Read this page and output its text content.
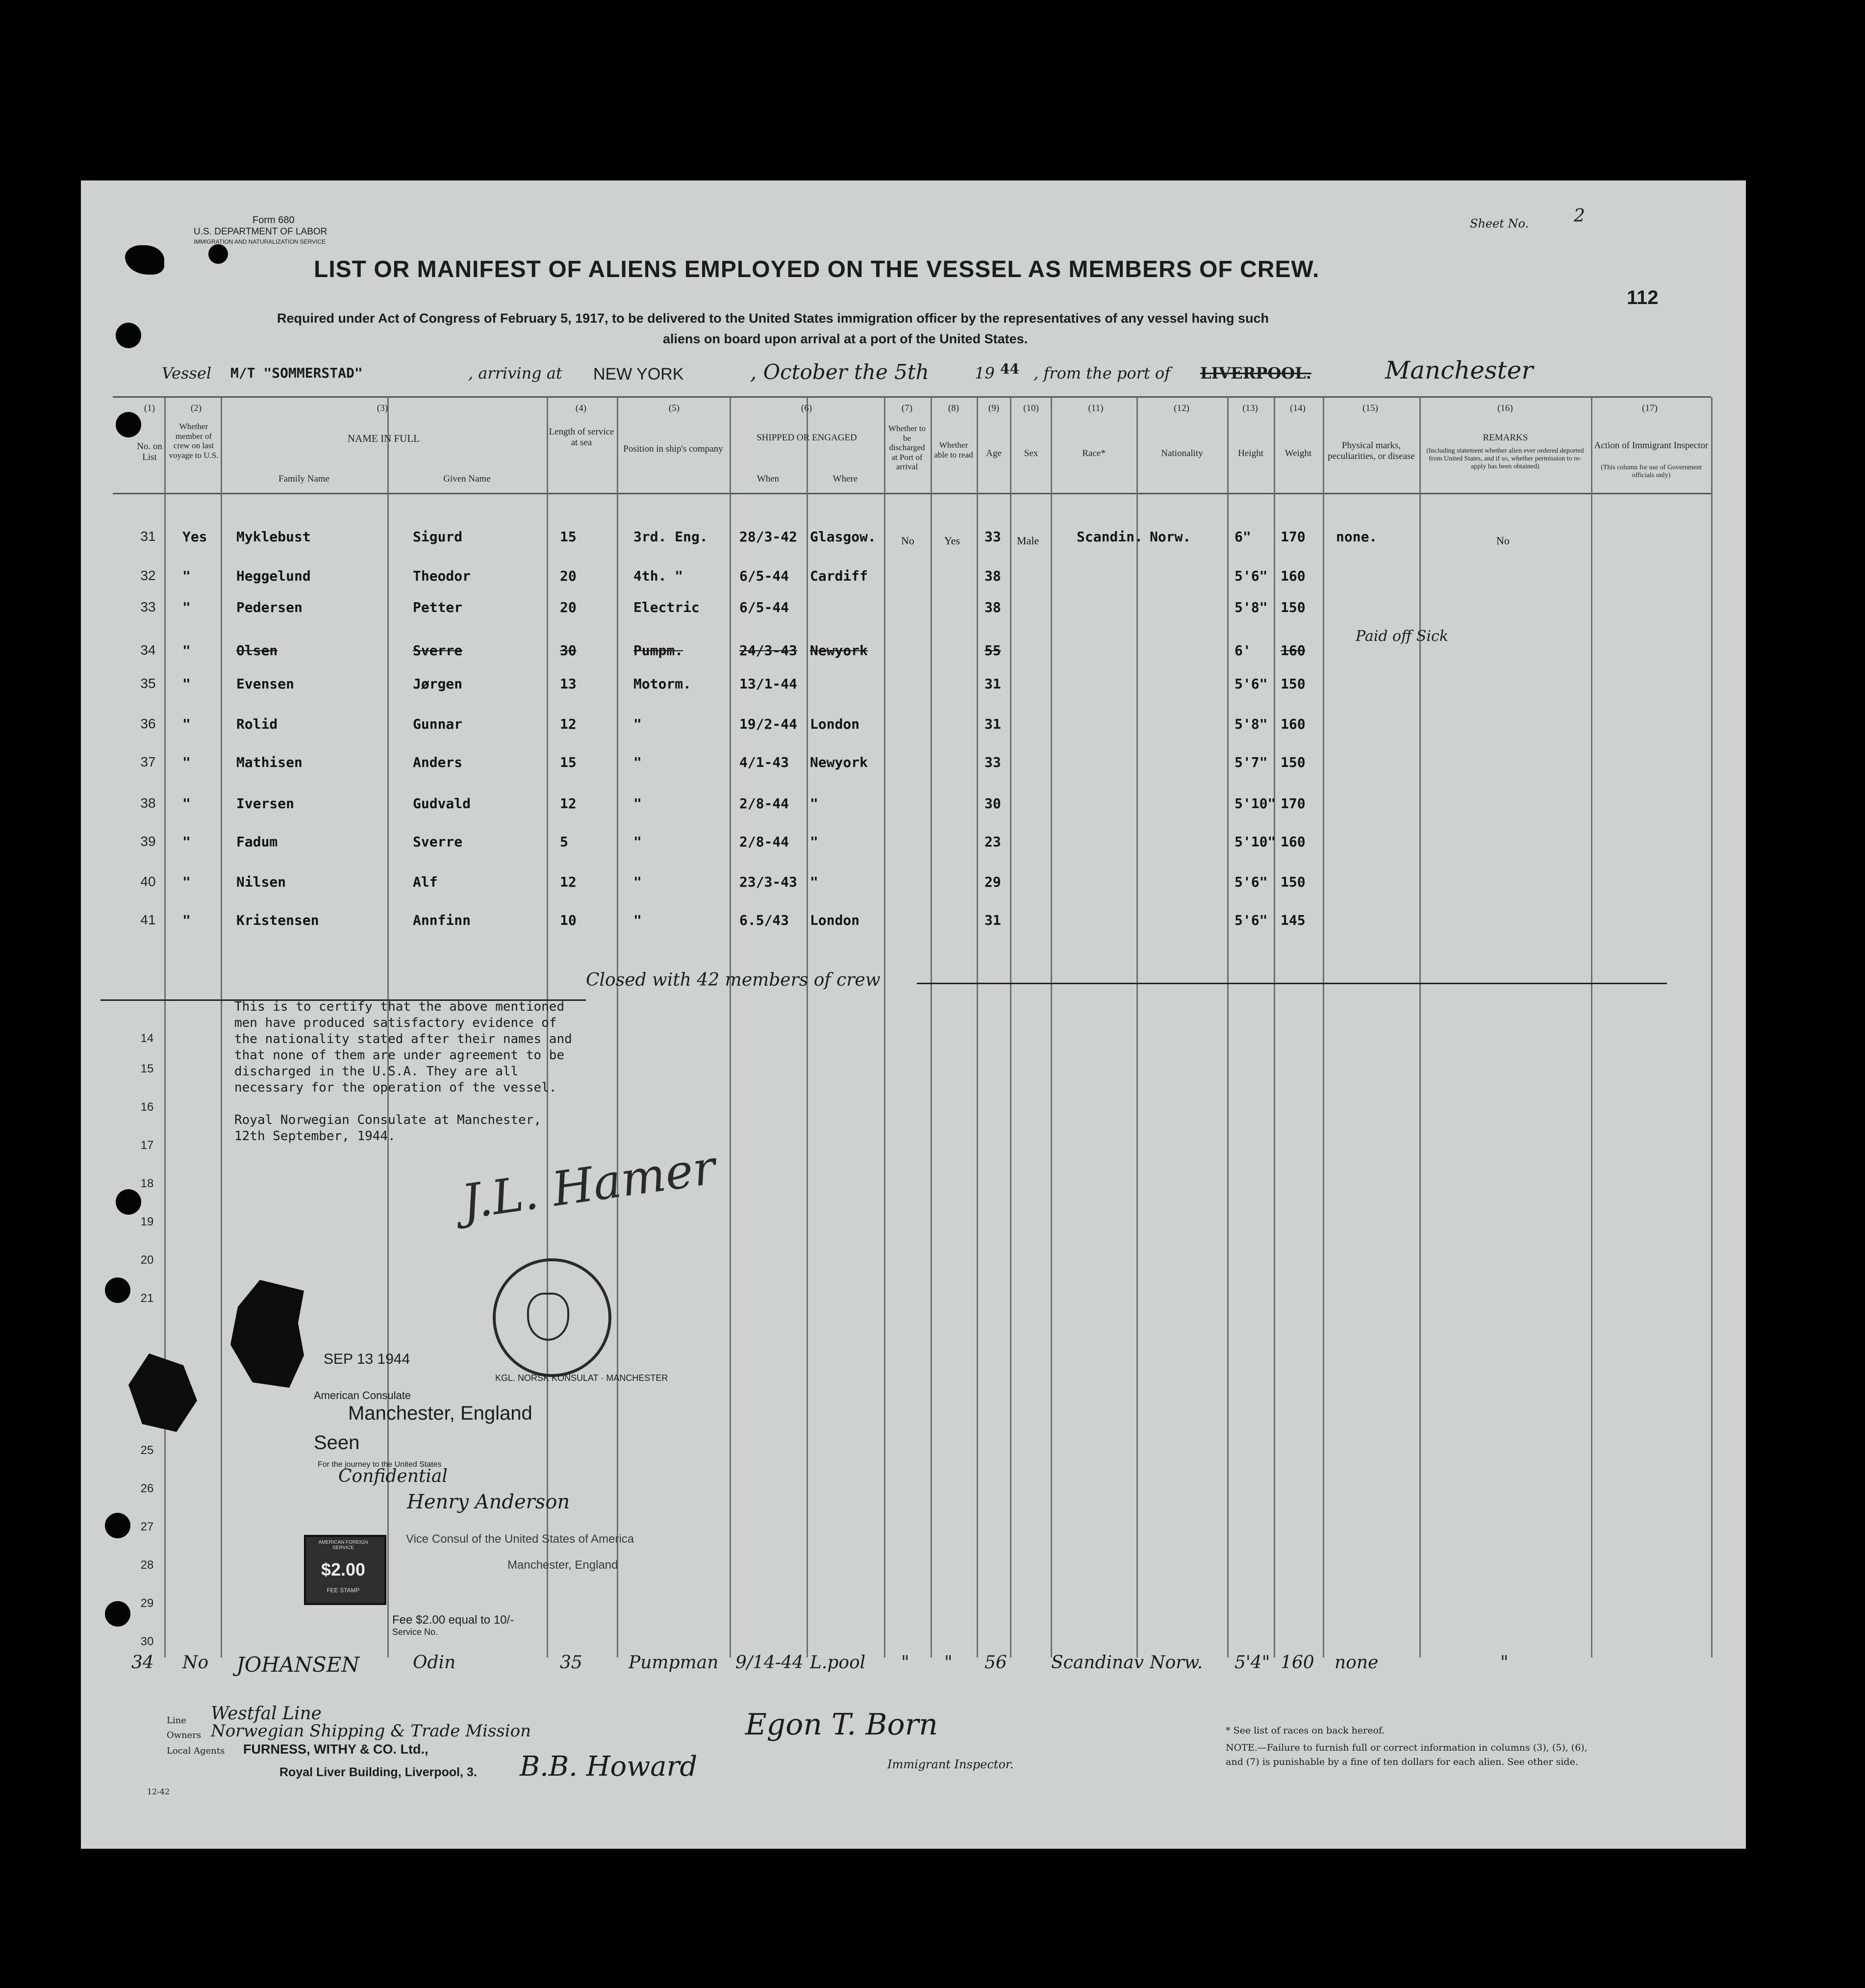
Form 680
U.S. DEPARTMENT OF LABOR
IMMIGRATION AND NATURALIZATION SERVICE
Sheet No.	2
112
LIST OR MANIFEST OF ALIENS EMPLOYED ON THE VESSEL AS MEMBERS OF CREW.
Required under Act of Congress of February 5, 1917, to be delivered to the United States immigration officer by the representatives of any vessel having such
aliens on board upon arrival at a port of the United States.
Vessel M/T "SOMMERSTAD"	, arriving at NEW YORK	, October the 5th	19 44 , from the port of LIVERPOOL.	Manchester
(1)
No. on List
(2)
Whether member of crew on last voyage to U.S.
(3)
NAME IN FULL
Family Name	Given Name
(4)
Length of service at sea
(5)
Position in ship's company
(6)
SHIPPED OR ENGAGED
When	Where
(7)
Whether to be discharged at Port of arrival
(8)
Whether able to read
(9)
Age
(10)
Sex
(11)
Race*
(12)
Nationality
(13)
Height
(14)
Weight
(15)
Physical marks, peculiarities, or disease
(16)
REMARKS
(Including statement whether alien ever ordered deported from United States, and if so, whether permission to re-apply has been obtained)
(17)
Action of Immigrant Inspector
(This column for use of Government officials only)
31	Yes Myklebust	Sigurd	15	3rd. Eng. 28/3-42 Glasgow. No	Yes 33 Male	Scandin. Norw.	6" 170 none.	No
32	"	Heggelund	Theodor	20	4th. "	6/5-44 Cardiff	38	5'6" 160
33	"	Pedersen	Petter	20	Electric	6/5-44	38	5'8" 150
34	"	Olsen	Sverre	30	Pumpm.	24/3-43 Newyork	55	6' 160
Paid off Sick
35	"	Evensen	Jørgen	13	Motorm.	13/1-44	31	5'6" 150
36	"	Rolid	Gunnar	12	"	19/2-44 London	31	5'8" 160
37	"	Mathisen	Anders	15	"	4/1-43 Newyork	33	5'7" 150
38	"	Iversen	Gudvald	12	"	2/8-44 "	30	5'10" 170
39	"	Fadum	Sverre	5	"	2/8-44 "	23	5'10" 160
40	"	Nilsen	Alf	12	"	23/3-43 "	29	5'6" 150
41	"	Kristensen	Annfinn	10	"	6.5/43 London	31	5'6" 145
Closed with 42 members of crew
This is to certify that the above mentioned
men have produced satisfactory evidence of
the nationality stated after their names and
that none of them are under agreement to be
discharged in the U.S.A. They are all
necessary for the operation of the vessel.
Royal Norwegian Consulate at Manchester,
12th September, 1944.
14
15
16
17
18
19
20
21
25
26
27
28
29
30
J.L. Hamer
KGL. NORSK KONSULAT · MANCHESTER
SEP 13 1944
American Consulate
Manchester, England
Seen
For the journey to the United States
Confidential
Henry Anderson
Vice Consul of the United States of America
Manchester, England
Fee $2.00 equal to 10/-
Service No.
AMERICAN FOREIGN SERVICE
$2.00
FEE STAMP
34 No JOHANSEN	Odin	35	Pumpman 9/14-44 L.pool " " 56	Scandinav Norw. 5'4" 160 none	"
Line Westfal Line
Owners Norwegian Shipping & Trade Mission
Local Agents FURNESS, WITHY & CO. Ltd.,
Royal Liver Building, Liverpool, 3. B.B. Howard
Egon T. Born
Immigrant Inspector.
* See list of races on back hereof.
NOTE.—Failure to furnish full or correct information in columns (3), (5), (6), and (7) is punishable by a fine of ten dollars for each alien. See other side.
12-42
